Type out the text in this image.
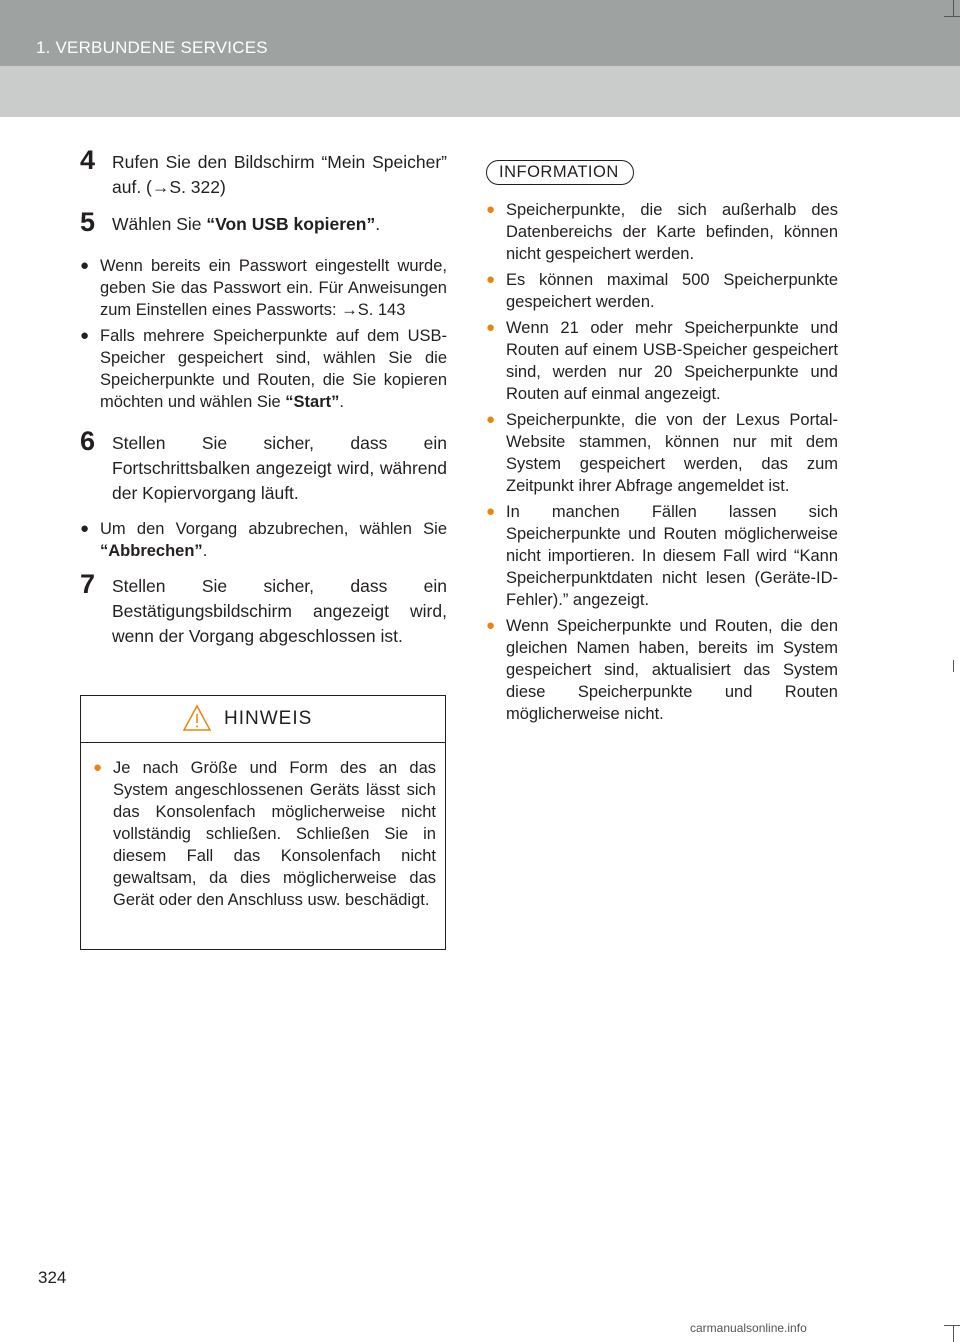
1. VERBUNDENE SERVICES
4 Rufen Sie den Bildschirm “Mein Speicher” auf. (→S. 322)
5 Wählen Sie “Von USB kopieren”.
● Wenn bereits ein Passwort eingestellt wurde, geben Sie das Passwort ein. Für Anweisungen zum Einstellen eines Passworts: →S. 143
● Falls mehrere Speicherpunkte auf dem USB-Speicher gespeichert sind, wählen Sie die Speicherpunkte und Routen, die Sie kopieren möchten und wählen Sie “Start”.
6 Stellen Sie sicher, dass ein Fortschrittsbalken angezeigt wird, während der Kopiervorgang läuft.
● Um den Vorgang abzubrechen, wählen Sie “Abbrechen”.
7 Stellen Sie sicher, dass ein Bestätigungsbildschirm angezeigt wird, wenn der Vorgang abgeschlossen ist.
HINWEIS
● Je nach Größe und Form des an das System angeschlossenen Geräts lässt sich das Konsolenfach möglicherweise nicht vollständig schließen. Schließen Sie in diesem Fall das Konsolenfach nicht gewaltsam, da dies möglicherweise das Gerät oder den Anschluss usw. beschädigt.
INFORMATION
● Speicherpunkte, die sich außerhalb des Datenbereichs der Karte befinden, können nicht gespeichert werden.
● Es können maximal 500 Speicherpunkte gespeichert werden.
● Wenn 21 oder mehr Speicherpunkte und Routen auf einem USB-Speicher gespeichert sind, werden nur 20 Speicherpunkte und Routen auf einmal angezeigt.
● Speicherpunkte, die von der Lexus Portal-Website stammen, können nur mit dem System gespeichert werden, das zum Zeitpunkt ihrer Abfrage angemeldet ist.
● In manchen Fällen lassen sich Speicherpunkte und Routen möglicherweise nicht importieren. In diesem Fall wird “Kann Speicherpunktdaten nicht lesen (Geräte-ID-Fehler).” angezeigt.
● Wenn Speicherpunkte und Routen, die den gleichen Namen haben, bereits im System gespeichert sind, aktualisiert das System diese Speicherpunkte und Routen möglicherweise nicht.
324
carmanualsonline.info
